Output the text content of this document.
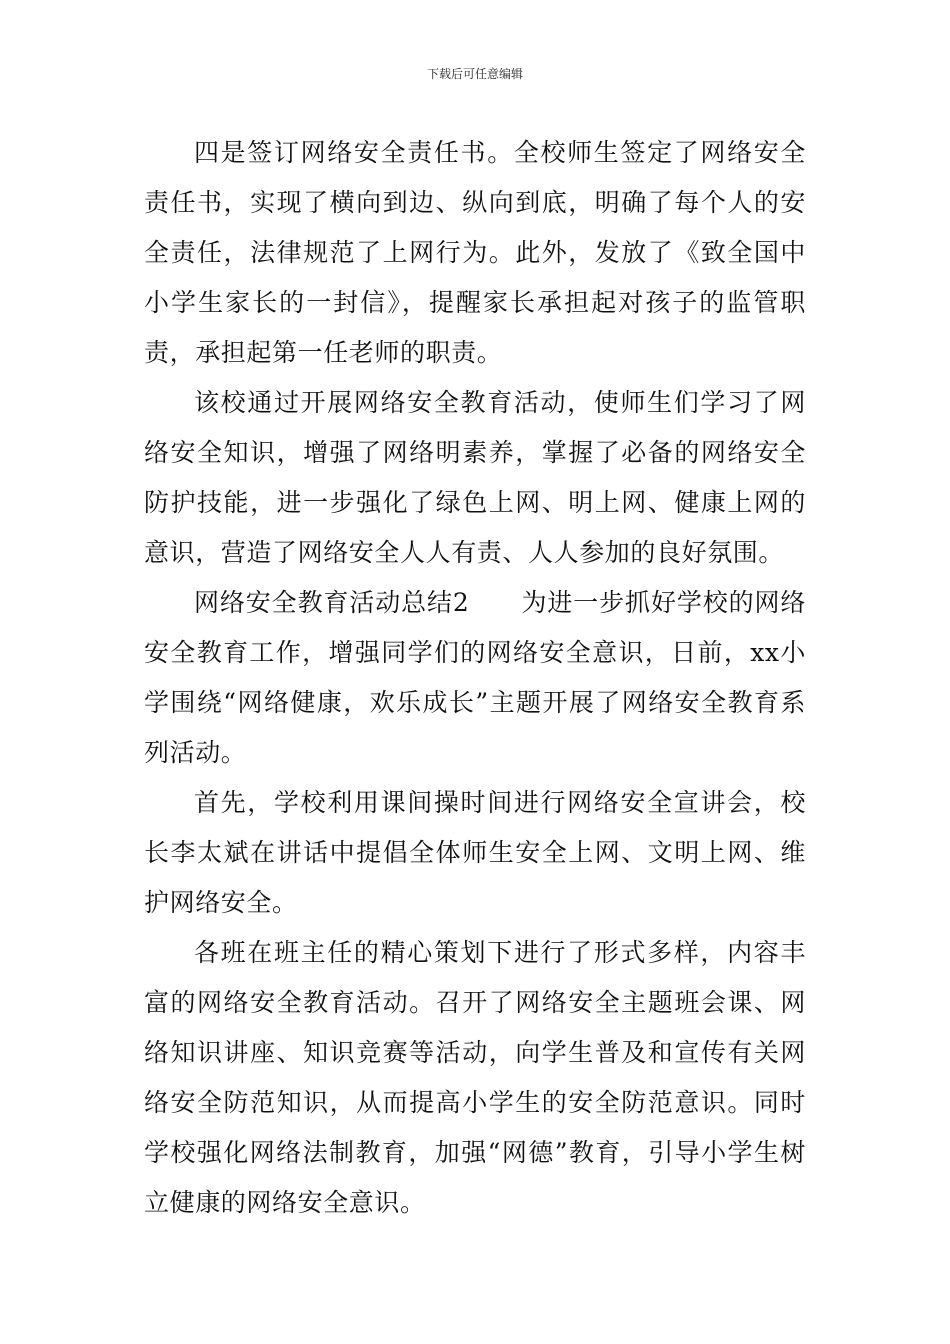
下载后可任意编辑

四是签订网络安全责任书。全校师生签定了网络安全责任书，实现了横向到边、纵向到底，明确了每个人的安全责任，法律规范了上网行为。此外，发放了《致全国中小学生家长的一封信》，提醒家长承担起对孩子的监管职责，承担起第一任老师的职责。

该校通过开展网络安全教育活动，使师生们学习了网络安全知识，增强了网络明素养，掌握了必备的网络安全防护技能，进一步强化了绿色上网、明上网、健康上网的意识，营造了网络安全人人有责、人人参加的良好氛围。

网络安全教育活动总结2　　为进一步抓好学校的网络安全教育工作，增强同学们的网络安全意识，日前，xx小学围绕“网络健康，欢乐成长”主题开展了网络安全教育系列活动。

首先，学校利用课间操时间进行网络安全宣讲会，校长李太斌在讲话中提倡全体师生安全上网、文明上网、维护网络安全。

各班在班主任的精心策划下进行了形式多样，内容丰富的网络安全教育活动。召开了网络安全主题班会课、网络知识讲座、知识竞赛等活动，向学生普及和宣传有关网络安全防范知识，从而提高小学生的安全防范意识。同时学校强化网络法制教育，加强“网德”教育，引导小学生树立健康的网络安全意识。
